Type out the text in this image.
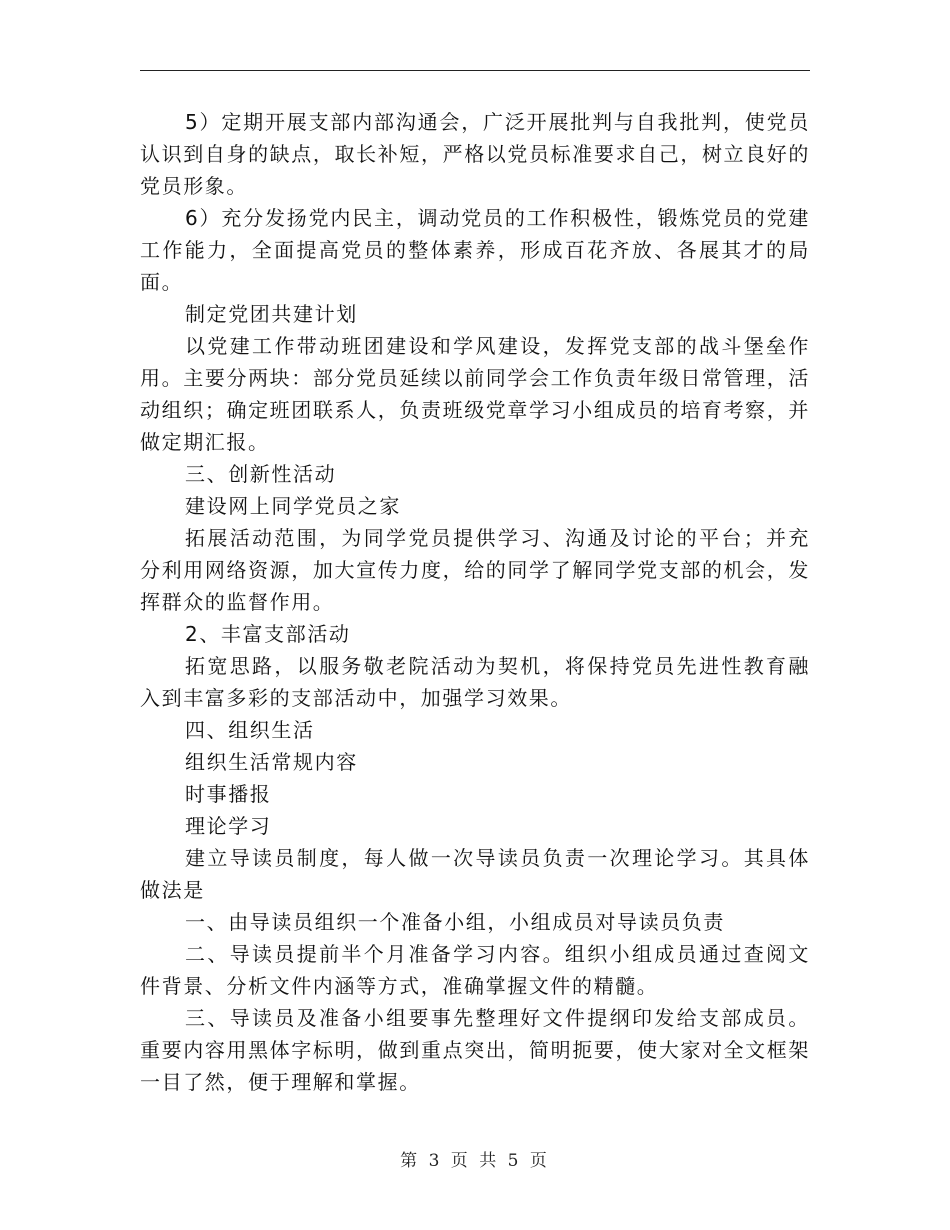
5）定期开展支部内部沟通会，广泛开展批判与自我批判，使党员认识到自身的缺点，取长补短，严格以党员标准要求自己，树立良好的党员形象。

6）充分发扬党内民主，调动党员的工作积极性，锻炼党员的党建工作能力，全面提高党员的整体素养，形成百花齐放、各展其才的局面。

制定党团共建计划

以党建工作带动班团建设和学风建设，发挥党支部的战斗堡垒作用。主要分两块：部分党员延续以前同学会工作负责年级日常管理，活动组织；确定班团联系人，负责班级党章学习小组成员的培育考察，并做定期汇报。

三、创新性活动

建设网上同学党员之家

拓展活动范围，为同学党员提供学习、沟通及讨论的平台；并充分利用网络资源，加大宣传力度，给的同学了解同学党支部的机会，发挥群众的监督作用。

2、丰富支部活动

拓宽思路，以服务敬老院活动为契机，将保持党员先进性教育融入到丰富多彩的支部活动中，加强学习效果。

四、组织生活

组织生活常规内容

时事播报

理论学习

建立导读员制度，每人做一次导读员负责一次理论学习。其具体做法是

一、由导读员组织一个准备小组，小组成员对导读员负责

二、导读员提前半个月准备学习内容。组织小组成员通过查阅文件背景、分析文件内涵等方式，准确掌握文件的精髓。

三、导读员及准备小组要事先整理好文件提纲印发给支部成员。重要内容用黑体字标明，做到重点突出，简明扼要，使大家对全文框架一目了然，便于理解和掌握。

第 3 页 共 5 页
